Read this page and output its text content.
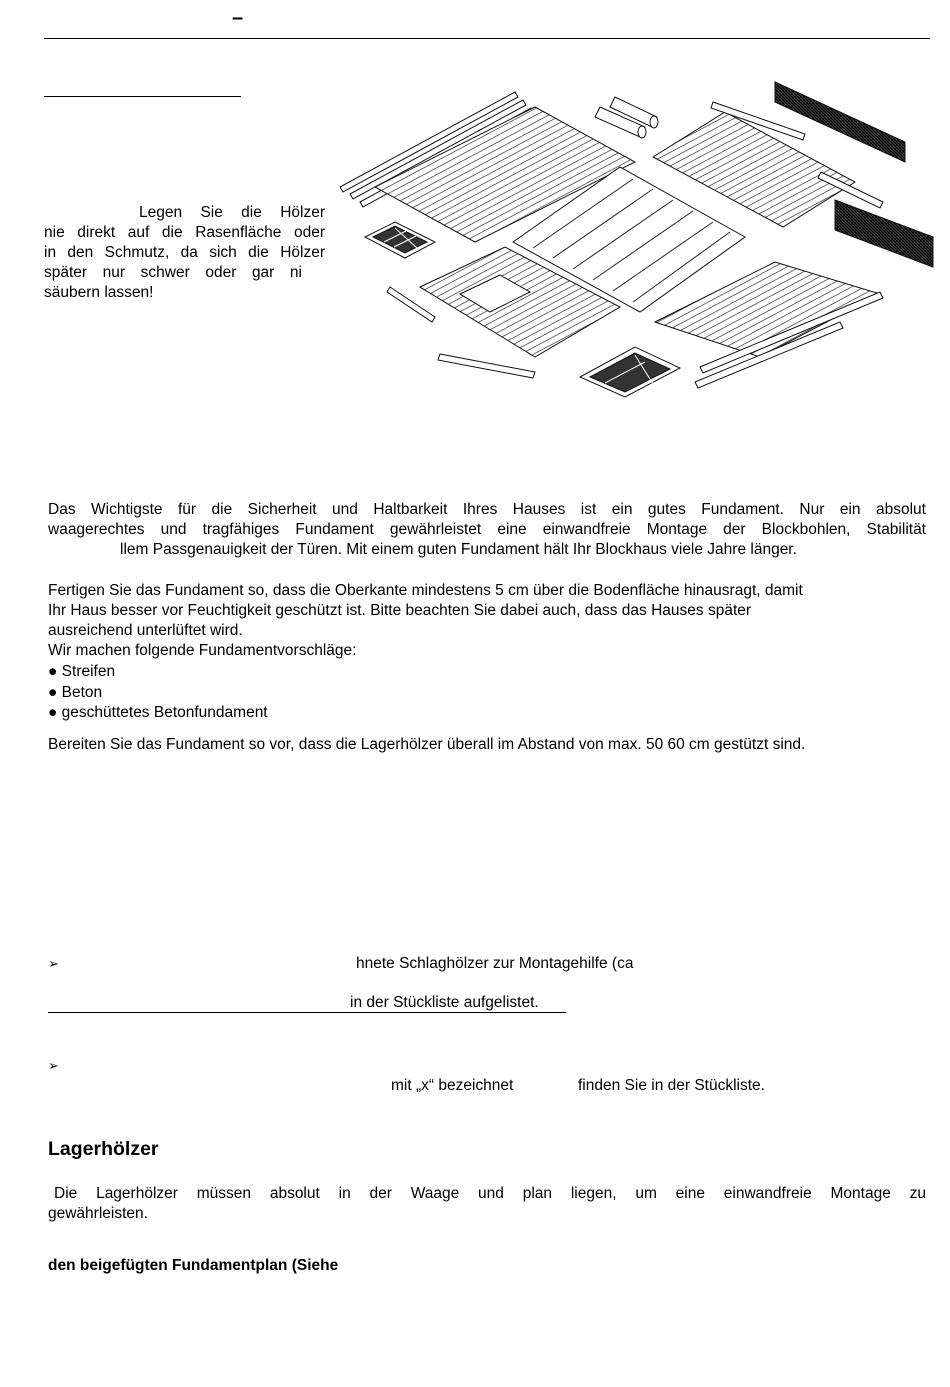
–
Legen Sie die Hölzer
nie direkt auf die Rasenfläche oder
in den Schmutz, da sich die Hölzer
später nur schwer oder gar ni
säubern lassen!
Das Wichtigste für die Sicherheit und Haltbarkeit Ihres Hauses ist ein gutes Fundament. Nur ein absolut
waagerechtes und tragfähiges Fundament gewährleistet eine einwandfreie Montage der Blockbohlen, Stabilität
llem Passgenauigkeit der Türen. Mit einem guten Fundament hält Ihr Blockhaus viele Jahre länger.
Fertigen Sie das Fundament so, dass die Oberkante mindestens 5 cm über die Bodenfläche hinausragt, damit
Ihr Haus besser vor Feuchtigkeit geschützt ist. Bitte beachten Sie dabei auch, dass das Hauses später
ausreichend unterlüftet wird.
Wir machen folgende Fundamentvorschläge:
● Streifen
● Beton
● geschüttetes Betonfundament
Bereiten Sie das Fundament so vor, dass die Lagerhölzer überall im Abstand von max. 50 60 cm gestützt sind.
➢	hnete Schlaghölzer zur Montagehilfe (ca
in der Stückliste aufgelistet.
➢
mit „x“ bezeichnet	finden Sie in der Stückliste.
Lagerhölzer
Die Lagerhölzer müssen absolut in der Waage und plan liegen, um eine einwandfreie Montage zu
gewährleisten.
den beigefügten Fundamentplan (Siehe
